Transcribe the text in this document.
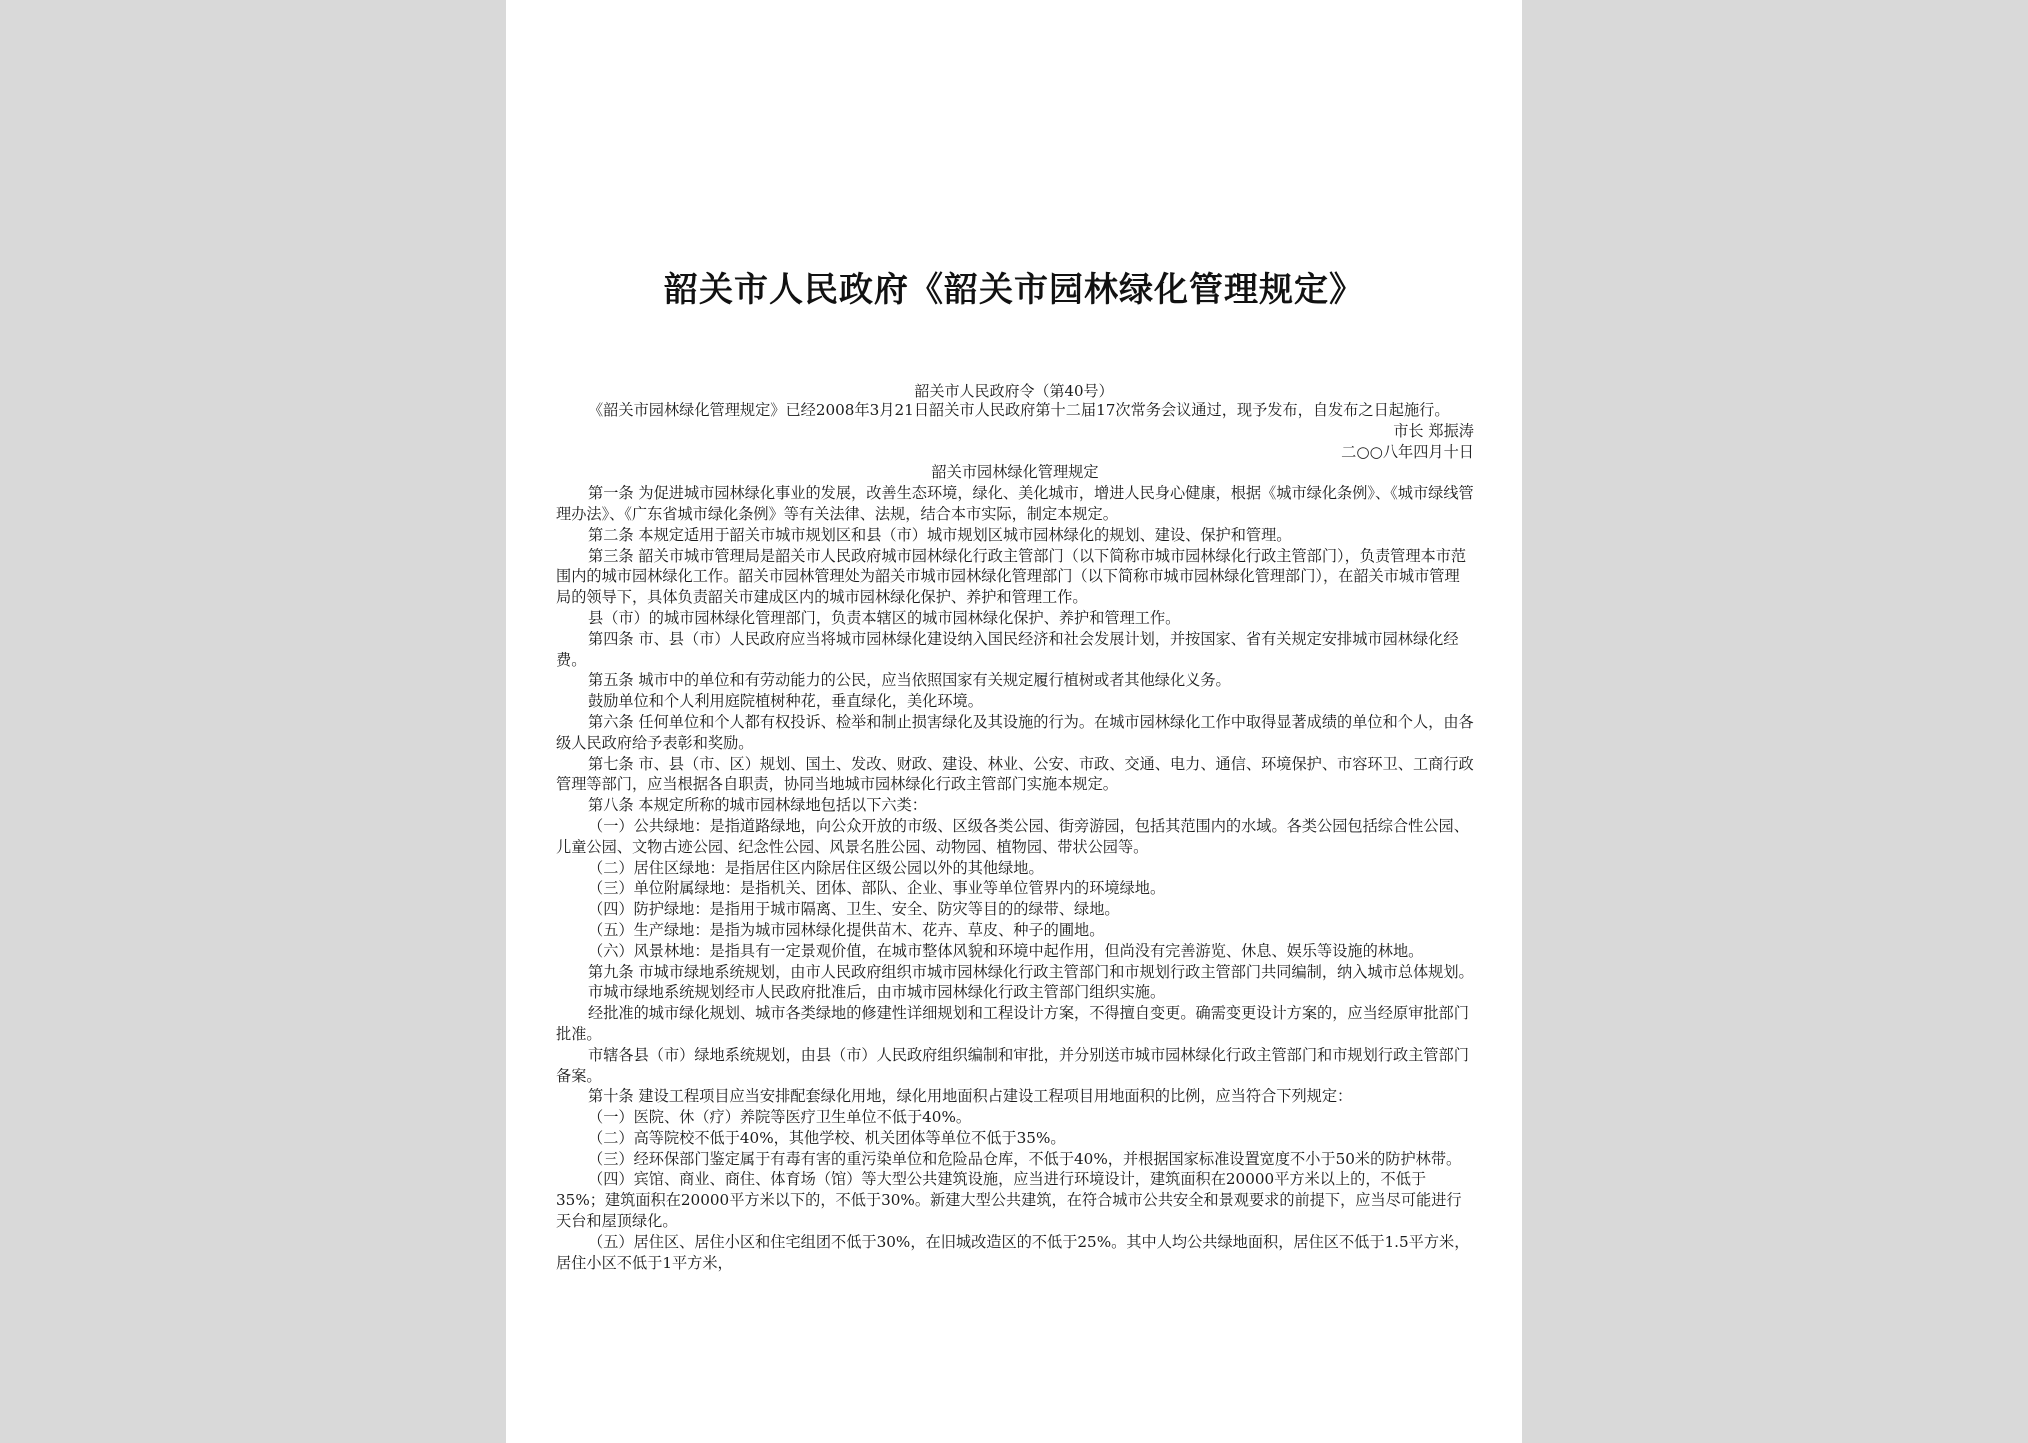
韶关市人民政府《韶关市园林绿化管理规定》
韶关市人民政府令（第40号）

《韶关市园林绿化管理规定》已经2008年3月21日韶关市人民政府第十二届17次常务会议通过，现予发布，自发布之日起施行。

市长 郑振涛

二○○八年四月十日

韶关市园林绿化管理规定

第一条 为促进城市园林绿化事业的发展，改善生态环境，绿化、美化城市，增进人民身心健康，根据《城市绿化条例》、《城市绿线管理办法》、《广东省城市绿化条例》等有关法律、法规，结合本市实际，制定本规定。

第二条 本规定适用于韶关市城市规划区和县（市）城市规划区城市园林绿化的规划、建设、保护和管理。

第三条 韶关市城市管理局是韶关市人民政府城市园林绿化行政主管部门（以下简称市城市园林绿化行政主管部门），负责管理本市范围内的城市园林绿化工作。韶关市园林管理处为韶关市城市园林绿化管理部门（以下简称市城市园林绿化管理部门），在韶关市城市管理局的领导下，具体负责韶关市建成区内的城市园林绿化保护、养护和管理工作。

县（市）的城市园林绿化管理部门，负责本辖区的城市园林绿化保护、养护和管理工作。

第四条 市、县（市）人民政府应当将城市园林绿化建设纳入国民经济和社会发展计划，并按国家、省有关规定安排城市园林绿化经费。

第五条 城市中的单位和有劳动能力的公民，应当依照国家有关规定履行植树或者其他绿化义务。

鼓励单位和个人利用庭院植树种花，垂直绿化，美化环境。

第六条 任何单位和个人都有权投诉、检举和制止损害绿化及其设施的行为。在城市园林绿化工作中取得显著成绩的单位和个人，由各级人民政府给予表彰和奖励。

第七条 市、县（市、区）规划、国土、发改、财政、建设、林业、公安、市政、交通、电力、通信、环境保护、市容环卫、工商行政管理等部门，应当根据各自职责，协同当地城市园林绿化行政主管部门实施本规定。

第八条 本规定所称的城市园林绿地包括以下六类：

（一）公共绿地：是指道路绿地，向公众开放的市级、区级各类公园、街旁游园，包括其范围内的水域。各类公园包括综合性公园、儿童公园、文物古迹公园、纪念性公园、风景名胜公园、动物园、植物园、带状公园等。

（二）居住区绿地：是指居住区内除居住区级公园以外的其他绿地。

（三）单位附属绿地：是指机关、团体、部队、企业、事业等单位管界内的环境绿地。

（四）防护绿地：是指用于城市隔离、卫生、安全、防灾等目的的绿带、绿地。

（五）生产绿地：是指为城市园林绿化提供苗木、花卉、草皮、种子的圃地。

（六）风景林地：是指具有一定景观价值，在城市整体风貌和环境中起作用，但尚没有完善游览、休息、娱乐等设施的林地。

第九条 市城市绿地系统规划，由市人民政府组织市城市园林绿化行政主管部门和市规划行政主管部门共同编制，纳入城市总体规划。

市城市绿地系统规划经市人民政府批准后，由市城市园林绿化行政主管部门组织实施。

经批准的城市绿化规划、城市各类绿地的修建性详细规划和工程设计方案，不得擅自变更。确需变更设计方案的，应当经原审批部门批准。

市辖各县（市）绿地系统规划，由县（市）人民政府组织编制和审批，并分别送市城市园林绿化行政主管部门和市规划行政主管部门备案。

第十条 建设工程项目应当安排配套绿化用地，绿化用地面积占建设工程项目用地面积的比例，应当符合下列规定：

（一）医院、休（疗）养院等医疗卫生单位不低于40%。

（二）高等院校不低于40%，其他学校、机关团体等单位不低于35%。

（三）经环保部门鉴定属于有毒有害的重污染单位和危险品仓库，不低于40%，并根据国家标准设置宽度不小于50米的防护林带。

（四）宾馆、商业、商住、体育场（馆）等大型公共建筑设施，应当进行环境设计，建筑面积在20000平方米以上的，不低于35%；建筑面积在20000平方米以下的，不低于30%。新建大型公共建筑，在符合城市公共安全和景观要求的前提下，应当尽可能进行天台和屋顶绿化。

（五）居住区、居住小区和住宅组团不低于30%，在旧城改造区的不低于25%。其中人均公共绿地面积，居住区不低于1.5平方米，居住小区不低于1平方米，
